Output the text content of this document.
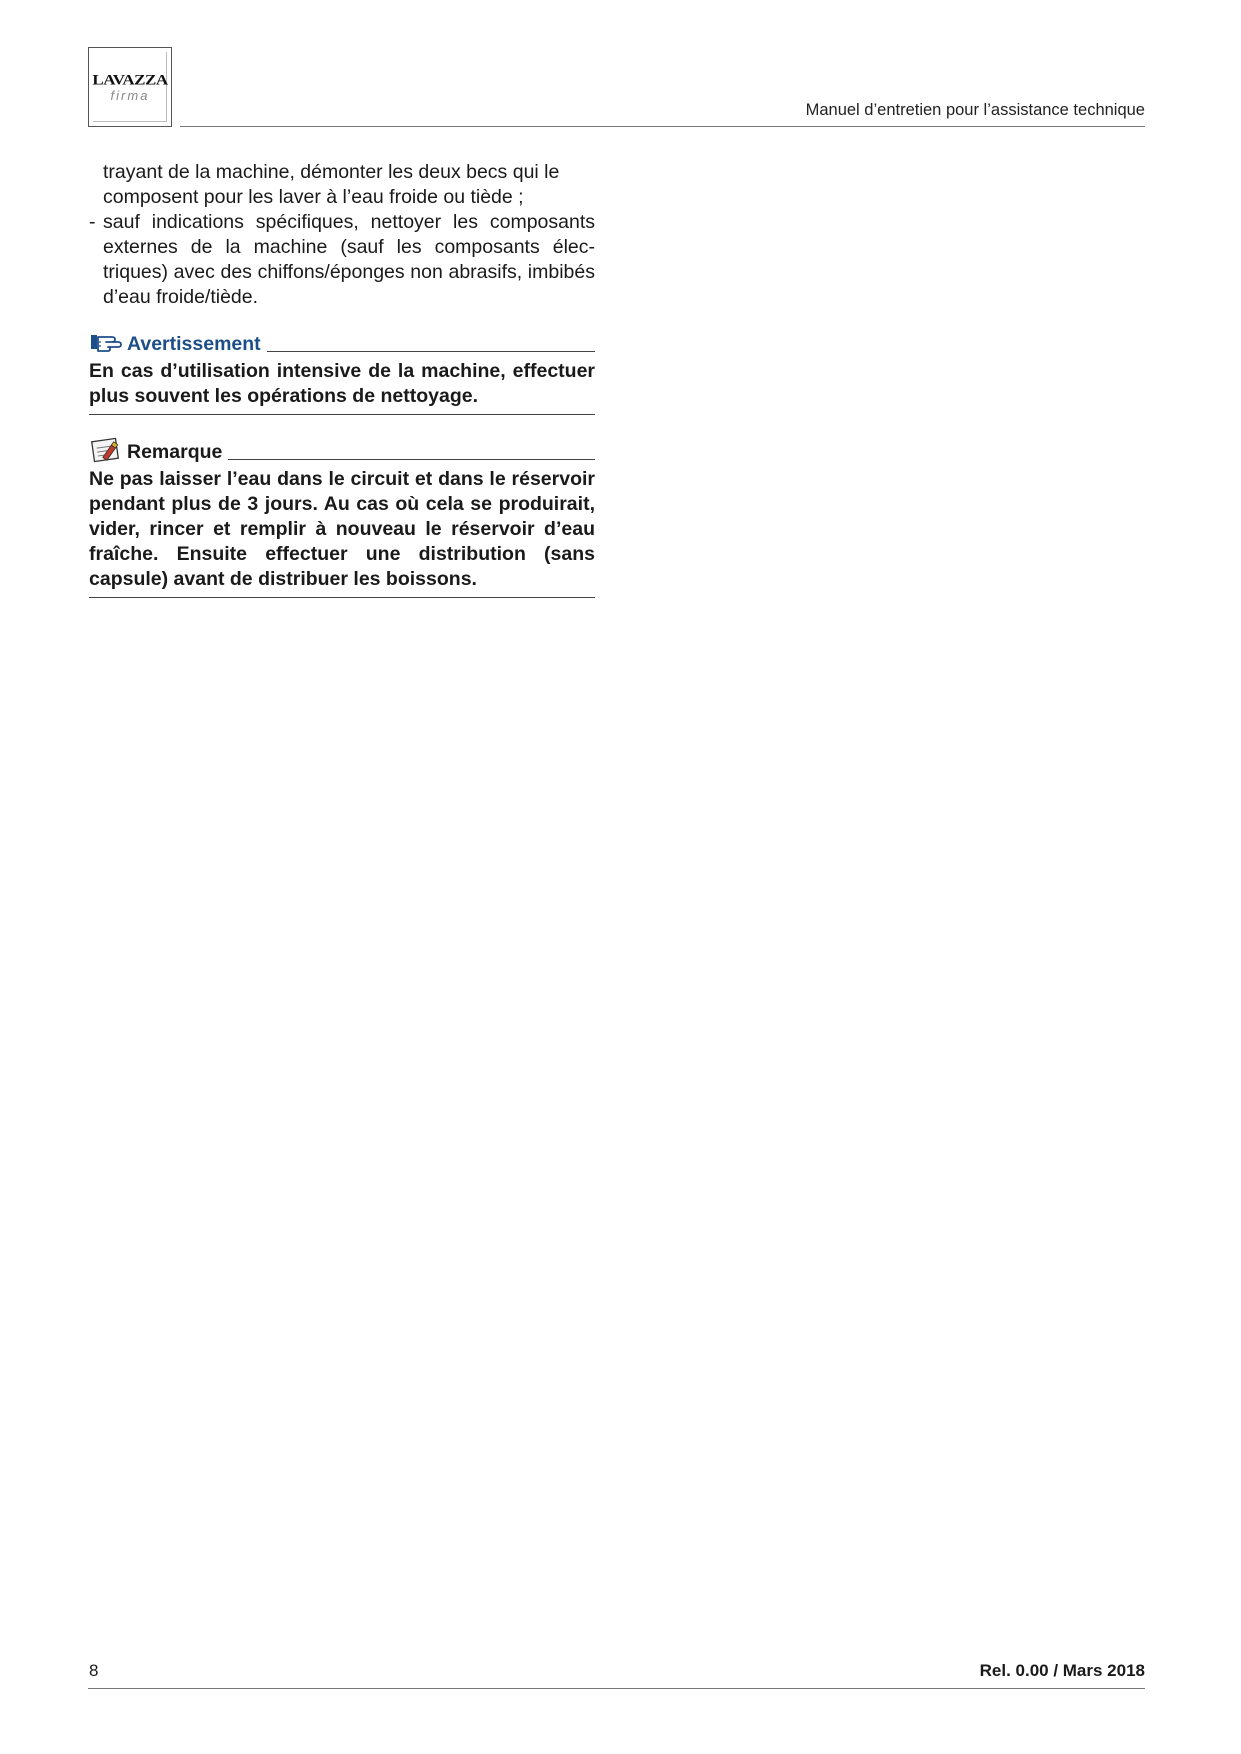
LAVAZZA
firma
Manuel d’entretien pour l’assistance technique
trayant de la machine, démonter les deux becs qui le
composent pour les laver à l’eau froide ou tiède ;
- sauf indications spécifiques, nettoyer les composants externes de la machine (sauf les composants électriques) avec des chiffons/éponges non abrasifs, imbibés d’eau froide/tiède.
Avertissement
En cas d’utilisation intensive de la machine, effectuer plus souvent les opérations de nettoyage.
Remarque
Ne pas laisser l’eau dans le circuit et dans le réservoir pendant plus de 3 jours. Au cas où cela se produirait, vider, rincer et remplir à nouveau le réservoir d’eau fraîche. Ensuite effectuer une distribution (sans capsule) avant de distribuer les boissons.
8	Rel. 0.00 / Mars 2018
